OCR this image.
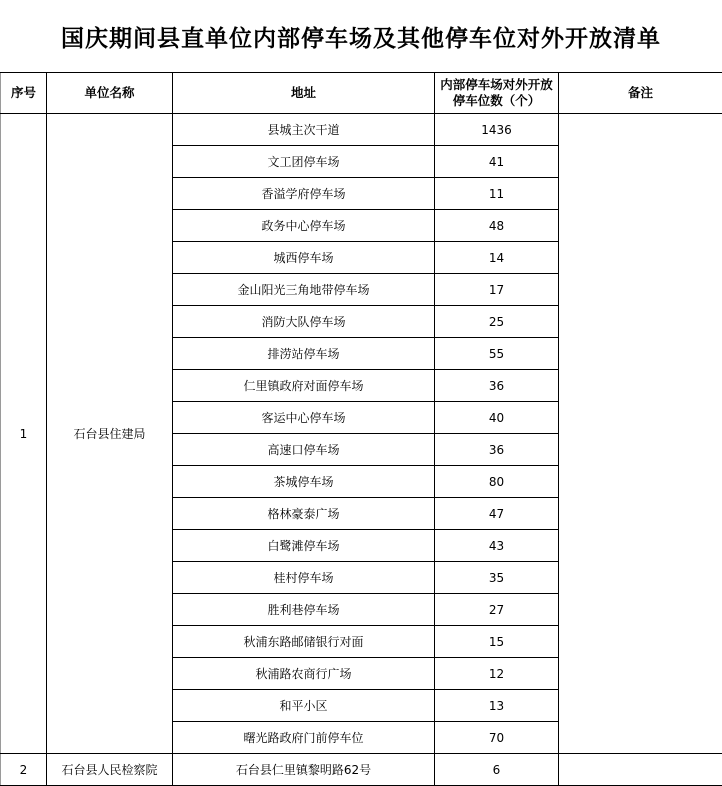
国庆期间县直单位内部停车场及其他停车位对外开放清单
序号	单位名称	地址	内部停车场对外开放停车位数（个）	备注
1	石台县住建局	县城主次干道	1436	
		文工团停车场	41	
		香溢学府停车场	11	
		政务中心停车场	48	
		城西停车场	14	
		金山阳光三角地带停车场	17	
		消防大队停车场	25	
		排涝站停车场	55	
		仁里镇政府对面停车场	36	
		客运中心停车场	40	
		高速口停车场	36	
		茶城停车场	80	
		格林豪泰广场	47	
		白鹭滩停车场	43	
		桂村停车场	35	
		胜利巷停车场	27	
		秋浦东路邮储银行对面	15	
		秋浦路农商行广场	12	
		和平小区	13	
		曙光路政府门前停车位	70	
2	石台县人民检察院	石台县仁里镇黎明路62号	6	
